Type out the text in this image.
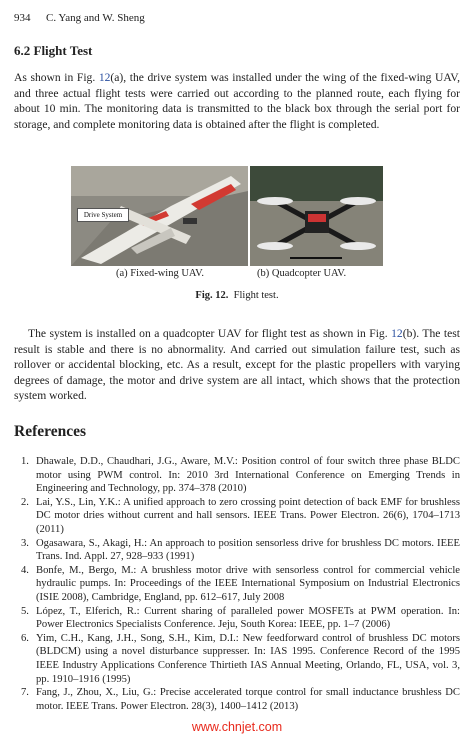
934 C. Yang and W. Sheng
6.2 Flight Test

As shown in Fig. 12(a), the drive system was installed under the wing of the fixed-wing UAV, and three actual flight tests were carried out according to the planned route, each flying for about 10 min. The monitoring data is transmitted to the black box through the serial port for storage, and complete monitoring data is obtained after the flight is completed.

Drive System
(a) Fixed-wing UAV.	(b) Quadcopter UAV.
Fig. 12. Flight test.

The system is installed on a quadcopter UAV for flight test as shown in Fig. 12(b). The test result is stable and there is no abnormality. And carried out simulation failure test, such as rollover or accidental blocking, etc. As a result, except for the plastic propellers with varying degrees of damage, the motor and drive system are all intact, which shows that the protection system worked.

References

1. Dhawale, D.D., Chaudhari, J.G., Aware, M.V.: Position control of four switch three phase BLDC motor using PWM control. In: 2010 3rd International Conference on Emerging Trends in Engineering and Technology, pp. 374–378 (2010)

2. Lai, Y.S., Lin, Y.K.: A unified approach to zero crossing point detection of back EMF for brushless DC motor dries without current and hall sensors. IEEE Trans. Power Electron. 26(6), 1704–1713 (2011)

3. Ogasawara, S., Akagi, H.: An approach to position sensorless drive for brushless DC motors. IEEE Trans. Ind. Appl. 27, 928–933 (1991)

4. Bonfe, M., Bergo, M.: A brushless motor drive with sensorless control for commercial vehicle hydraulic pumps. In: Proceedings of the IEEE International Symposium on Industrial Electronics (ISIE 2008), Cambridge, England, pp. 612–617, July 2008

5. López, T., Elferich, R.: Current sharing of paralleled power MOSFETs at PWM operation. In: Power Electronics Specialists Conference. Jeju, South Korea: IEEE, pp. 1–7 (2006)

6. Yim, C.H., Kang, J.H., Song, S.H., Kim, D.I.: New feedforward control of brushless DC motors (BLDCM) using a novel disturbance suppresser. In: IAS 1995. Conference Record of the 1995 IEEE Industry Applications Conference Thirtieth IAS Annual Meeting, Orlando, FL, USA, vol. 3, pp. 1910–1916 (1995)

7. Fang, J., Zhou, X., Liu, G.: Precise accelerated torque control for small inductance brushless DC motor. IEEE Trans. Power Electron. 28(3), 1400–1412 (2013)

www.chnjet.com
